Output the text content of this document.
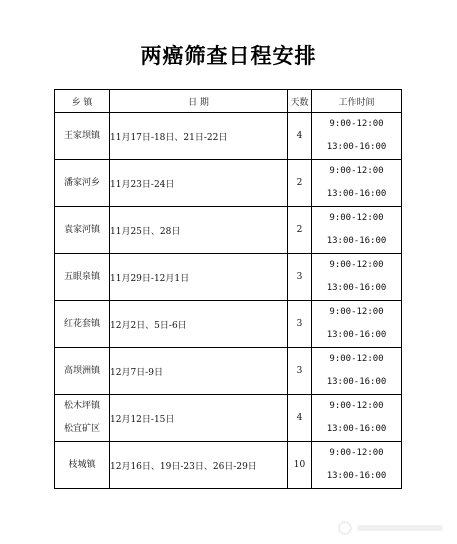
两癌筛查日程安排
乡 镇	日 期	天数	工作时间

王家坝镇	11月17日-18日、21日-22日	4	9:00-12:00
13:00-16:00

潘家河乡	11月23日-24日	2	9:00-12:00
13:00-16:00

袁家河镇	11月25日、28日	2	9:00-12:00
13:00-16:00

五眼泉镇	11月29日-12月1日	3	9:00-12:00
13:00-16:00

红花套镇	12月2日、5日-6日	3	9:00-12:00
13:00-16:00

高坝洲镇	12月7日-9日	3	9:00-12:00
13:00-16:00

松木坪镇
松宜矿区	12月12日-15日	4	9:00-12:00
13:00-16:00

枝城镇	12月16日、19日-23日、26日-29日	10	9:00-12:00
13:00-16:00
